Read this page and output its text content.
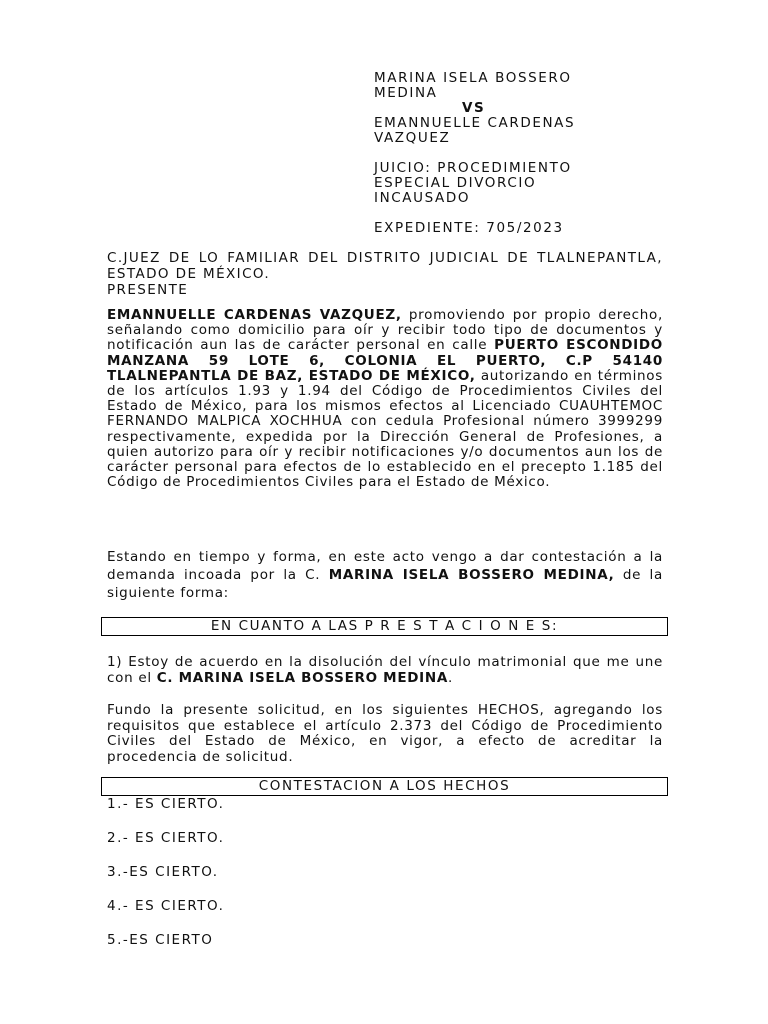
MARINA ISELA BOSSERO
MEDINA
VS
EMANNUELLE CARDENAS
VAZQUEZ
JUICIO: PROCEDIMIENTO
ESPECIAL DIVORCIO
INCAUSADO
EXPEDIENTE: 705/2023
C.JUEZ DE LO FAMILIAR DEL DISTRITO JUDICIAL DE TLALNEPANTLA, ESTADO DE MÉXICO.
PRESENTE
EMANNUELLE CARDENAS VAZQUEZ, promoviendo por propio derecho, señalando como domicilio para oír y recibir todo tipo de documentos y notificación aun las de carácter personal en calle PUERTO ESCONDIDO MANZANA 59 LOTE 6, COLONIA EL PUERTO, C.P 54140 TLALNEPANTLA DE BAZ, ESTADO DE MÉXICO, autorizando en términos de los artículos 1.93 y 1.94 del Código de Procedimientos Civiles del Estado de México, para los mismos efectos al Licenciado CUAUHTEMOC FERNANDO MALPICA XOCHHUA con cedula Profesional número 3999299 respectivamente, expedida por la Dirección General de Profesiones, a quien autorizo para oír y recibir notificaciones y/o documentos aun los de carácter personal para efectos de lo establecido en el precepto 1.185 del Código de Procedimientos Civiles para el Estado de México.
Estando en tiempo y forma, en este acto vengo a dar contestación a la demanda incoada por la C. MARINA ISELA BOSSERO MEDINA, de la siguiente forma:
EN CUANTO A LAS P R E S T A C I O N E S:
1) Estoy de acuerdo en la disolución del vínculo matrimonial que me une con el C. MARINA ISELA BOSSERO MEDINA.
Fundo la presente solicitud, en los siguientes HECHOS, agregando los requisitos que establece el artículo 2.373 del Código de Procedimiento Civiles del Estado de México, en vigor, a efecto de acreditar la procedencia de solicitud.
CONTESTACION A LOS HECHOS
1.- ES CIERTO.
2.- ES CIERTO.
3.-ES CIERTO.
4.- ES CIERTO.
5.-ES CIERTO
